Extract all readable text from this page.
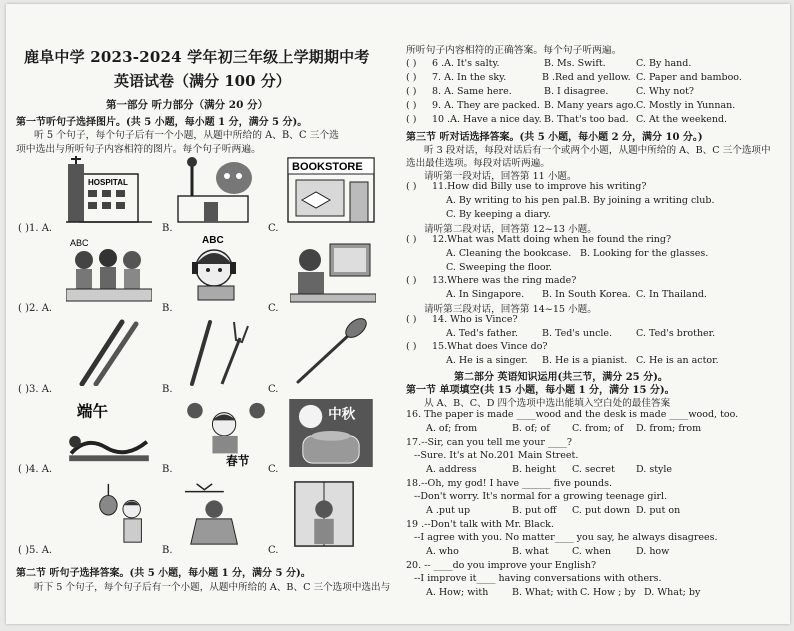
鹿阜中学 2023-2024 学年初三年级上学期期中考
英语试卷（满分 100 分）
第一部分 听力部分（满分 20 分）
第一节听句子选择图片。(共 5 小题，每小题 1 分，满分 5 分)。
听 5 个句子，每个句子后有一个小题，从题中所给的 A、B、C 三个选
项中选出与所听句子内容相符的图片。每个句子听两遍。
( )1. A.
HOSPITAL
B.	C.
BOOKSTORE
( )2. A.
ABC
B.
ABC
C.
( )3. A.	B.	C.
( )4. A.
端午
B.
春节
C.
中秋
( )5. A.	B.	C.
第二节 听句子选择答案。(共 5 小题，每小题 1 分，满分 5 分)。
听下 5 个句子，每个句子后有一个小题，从题中所给的 A、B、C 三个选项中选出与
所听句子内容相符的正确答案。每个句子听两遍。
( ) 6 .A. It's salty.	B. Ms. Swift.	C. By hand.
( ) 7. A. In the sky.	B .Red and yellow. C. Paper and bamboo.
( ) 8. A. Same here.	B. I disagree.	C. Why not?
( ) 9. A. They are packed. B. Many years ago. C. Mostly in Yunnan.
( ) 10 .A. Have a nice day. B. That's too bad. C. At the weekend.
第三节 听对话选择答案。(共 5 小题，每小题 2 分，满分 10 分。)
听 3 段对话，每段对话后有一个或两个小题，从题中所给的 A、B、C 三个选项中
选出最佳选项。每段对话听两遍。
请听第一段对话，回答第 11 小题。
( ) 11.How did Billy use to improve his writing?
A. By writing to his pen pal. B. By joining a writing club.
C. By keeping a diary.
请听第二段对话，回答第 12~13 小题。
( ) 12.What was Matt doing when he found the ring?
A. Cleaning the bookcase. B. Looking for the glasses.
C. Sweeping the floor.
( ) 13.Where was the ring made?
A. In Singapore. B. In South Korea. C. In Thailand.
请听第三段对话，回答第 14~15 小题。
( ) 14. Who is Vince?
A. Ted's father.	B. Ted's uncle.	C. Ted's brother.
( ) 15.What does Vince do?
A. He is a singer. B. He is a pianist. C. He is an actor.
第二部分 英语知识运用(共三节，满分 25 分)。
第一节 单项填空(共 15 小题，每小题 1 分，满分 15 分)。
从 A、B、C、D 四个选项中选出能填入空白处的最佳答案
16. The paper is made ____wood and the desk is made ____wood, too.
A. of; from	B. of; of C. from; of D. from; from
17.--Sir, can you tell me your ____?
--Sure. It's at No.201 Main Street.
A. address	B. height C. secret D. style
18.--Oh, my god! I have ______ five pounds.
--Don't worry. It's normal for a growing teenage girl.
A .put up	B. put off C. put down D. put on
19 .--Don't talk with Mr. Black.
--I agree with you. No matter____ you say, he always disagrees.
A. who	B. what C. when	D. how
20. -- ____do you improve your English?
--I improve it____ having conversations with others.
A. How; with B. What; with C. How ; by D. What; by
